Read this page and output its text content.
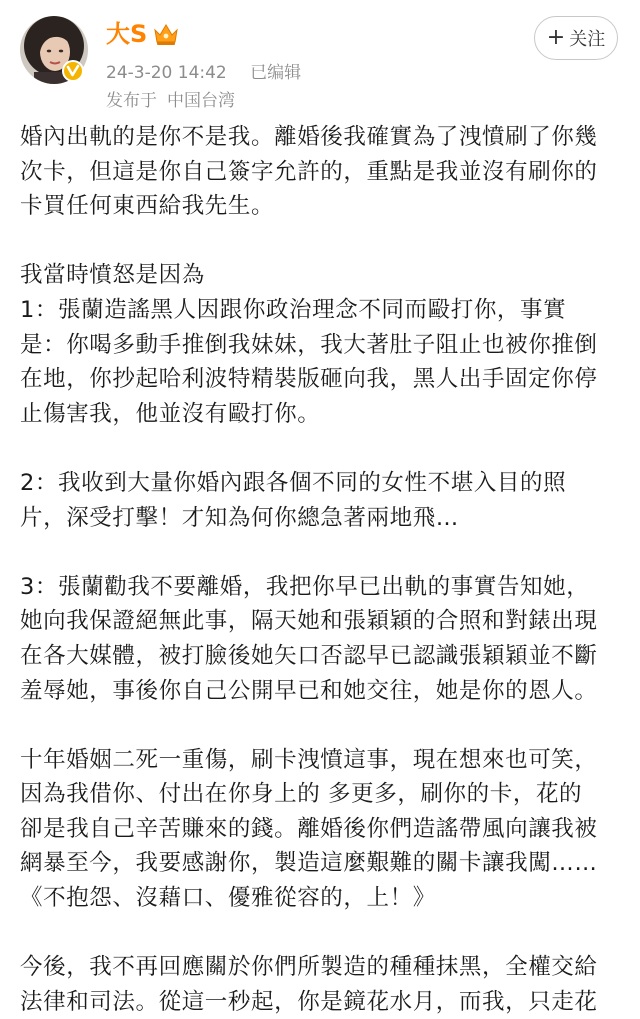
大S
24-3-20 14:42 已编辑
发布于 中国台湾
+ 关注

婚內出軌的是你不是我。離婚後我確實為了洩憤刷了你幾

次卡，但這是你自己簽字允許的，重點是我並沒有刷你的

卡買任何東西給我先生。

我當時憤怒是因為

1：張蘭造謠黑人因跟你政治理念不同而毆打你，事實

是：你喝多動手推倒我妹妹，我大著肚子阻止也被你推倒

在地，你抄起哈利波特精裝版砸向我，黑人出手固定你停

止傷害我，他並沒有毆打你。

2：我收到大量你婚內跟各個不同的女性不堪入目的照

片，深受打擊！才知為何你總急著兩地飛…

3：張蘭勸我不要離婚，我把你早已出軌的事實告知她，

她向我保證絕無此事，隔天她和張穎穎的合照和對錶出現

在各大媒體，被打臉後她矢口否認早已認識張穎穎並不斷

羞辱她，事後你自己公開早已和她交往，她是你的恩人。

十年婚姻二死一重傷，刷卡洩憤這事，現在想來也可笑，

因為我借你、付出在你身上的 多更多，刷你的卡，花的

卻是我自己辛苦賺來的錢。離婚後你們造謠帶風向讓我被

網暴至今，我要感謝你，製造這麼艱難的關卡讓我闖……

《不抱怨、沒藉口、優雅從容的，上！》

今後，我不再回應關於你們所製造的種種抹黑，全權交給

法律和司法。從這一秒起，你是鏡花水月，而我，只走花
